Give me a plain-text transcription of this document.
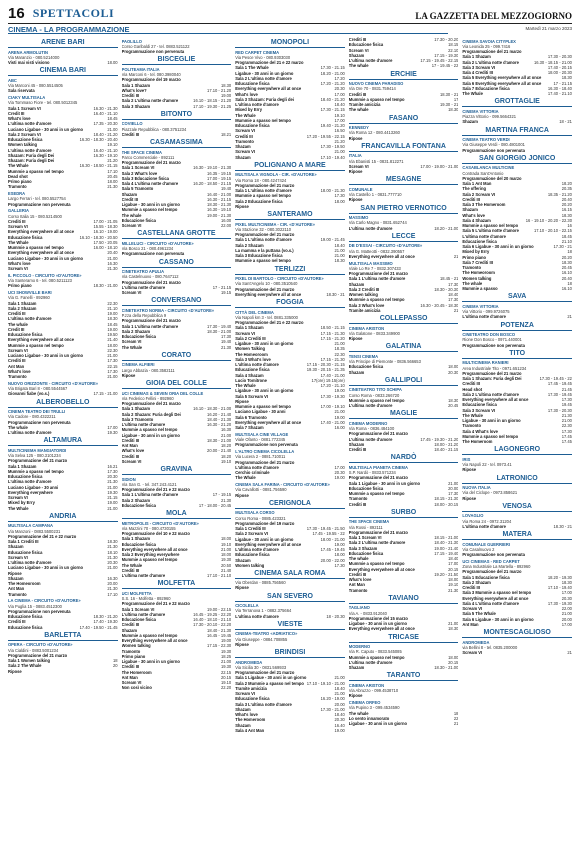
16 SPETTACOLI	LA GAZZETTA DEL MEZZOGIORNO
Martedì 21 marzo 2023
CINEMA - LA PROGRAMMAZIONE
ARENE BARI
ARENA ARMOLUTIN
Via Maranzio - 080.5214000
Visti mai visti visiono	18.00
CINEMA BARI
ABC
Via Marconi 45 - 080.5514505
Sala riservata
CIAKY MULTISALA
Via Tommaso Fiore - tel. 080.5012345
Sala 1 Scream VI	16.30 - 21.30
Credit III	16.40 - 21.10
What's love	18.45
L'ultima notte d'amore	17.35 - 20.30
Luciano Ligabue - 30 anni in un giorno	21.00
Sala 2 Scream VI	18.40 - 21.20
Educazione fisica	16.30 - 18.30 - 20.40
Women talking	19.10
L'ultima notte d'amore	16.40 - 21.10
Shazam: Furia degli Dei	16.30 - 19.10
Shazam: Furia degli Dei	21.20
The Whale	16.30 - 18.50 - 21.15
Mummie a spasso nel tempo	17.10
Dead shot	20.45
Primo piano	18.00
Tramonto	21.30
ESEDRA
Largo Ferrari - tel. 080.5527754
Programmazione non pervenuta
GALLERIA
Corso Italia 15 - 080.5214500
Crediti III	17.00 - 21.05
Scream VI	15.55 - 18.30
Everything everywhere all at once	16.10 - 19.00
Educazione fisica	16.10 - 18.30 - 20.50
The Whale	17.50 - 20.05
Mummie a spasso nel tempo	16.00 - 18.10
Everything everywhere all at once	20.40
Luciano Ligabue - 30 anni in un giorno	21.00
What's love	16.30
Scream VI	21.30
IL PICCOLO - CIRCUITO «D'AUTORE»
Via Santeramo 6 - tel. 080.5211123
Primo piano	18.30 - 21.00
UCI SHOWVILLE BARI
Via G. Fanelli - 892960
Sala 1 Shazam	22.30
Sala 2 Shazam	21.10
Crediti III	19.00
L'ultima notte d'amore	18.30
The whale	18.45
Credit III	19.00
Educazione fisica	19.50
Everything everywhere all at once	21.40
Mummie a spasso nel tempo	18.00
Scream VI	22.30
Luciano Ligabue - 30 anni in un giorno	21.00
Crediti III	17.30
Ant Man	22.15
What's love	17.30
Tramonto	21.00
NUOVO ORIZZONTE - CIRCUITO «D'AUTORE»
Via Brigata Bari 8 - 080.5544567
Giovanni fiabe (vo.s.)	17.15 - 21.00
ALBEROBELLO
CINEMA TEATRO DEI TRULLI
Via Cadore - 080.4322211
Programmazione non pervenuta
The whale	17.00
L'ultima notte d'amore	19.30
ALTAMURA
MULTICINEMA MANGIATORDI
Via Selva 125 - 080.3101234
Programmazione del 21 marzo
Sala 1 Shazam	16.21
Mummie a spasso nel tempo	17.30
Educazione fisica	20.30
L'ultima notte d'amore	21.30
Luciano Ligabue - 30 anni	21.00
Everything everywhere	19.30
Scream VI	21.15
Mixed by Erry	19.00
The Whale	21.00
ANDRIA
MULTISALA CAMPANA
Via Manzoni - 0883.5500231
Programmazione del 21 e 22 marzo
Sala 1 Crediti III	18.30
Shazam	21.30
Educazione fisica	18.10
Scream VI	21.30
L'ultima notte d'amore	20.30
Luciano Ligabue - 30 anni in un giorno	21.00
Ripose
Shazam	16.30
The Homeoroom	20.00
Ant Man	21.30
Tramonto	17.10
LA CINEMA - CIRCUITO «D'AUTORE»
Via Puglia 15 - 0883.4512300
Programmazione non pervenuta
Educazione fisica	18.30 - 21.20
Crediti III	17.40 - 19.30
Educazione fisica	17.40 - 19.50 - 21.45
BARLETTA
OPERA - CIRCUITO «D'AUTORE»
Via Cialdini - 0883.5001234
Programmazione del 21 marzo
Sala 1 Women talking	18
Sala 2 The Whale	20
Ripose
PAOLILLO
Corso Garibaldi 27 - tel. 0883.521122
Programmazione non pervenuta
BISCEGLIE
POLITEAMA ITALIA
Via Marconi 6 - tel. 080.3980040
Programmazione del 19 marzo
Sala 1 Shazam	18.30
What's love?	17.10 - 21.20
Crediti III	19.00
Sala 2 L'ultima notte d'amore	16.10 - 18.15 - 21.20
Sala 3 Shazam	17.10 - 19.30 - 21.25
BITONTO
COVIELLO
Piazzale Repubblica - 080.3751234
Crediti III	18.21
CASAMASSIMA
THE SPACE CINEMA
Parco Commerciale - 892111
Programmazione del 21 marzo
Sala 1 Scream VI	16.30 - 19.10 - 21.30
Sala 2 What's love	16.35 - 19.15
Sala 3 Educazione fisica	17.00 - 19.15
Sala 4 L'ultima notte d'amore	16.20 - 18.50 - 21.15
Sala 5 Tramonto	19.40
Shazam	16.40 - 21.00
Credit III	16.30 - 21.15
Ligabue - 30 anni in un giorno	18.30 - 21.30
Mummie a spasso nel tempo	16.30 - 19.10
The whale	19.00 - 21.30
Educazione fisica	16.00
Scream VI	22.00
CASTELLANA GROTTE
MILLELUCI - CIRCUITO «D'AUTORE»
Via Bosco 21 - 080.4961234
Programmazione non pervenuta
CASSANO
CINETEATRO APULIA
Via Castelnuovo - 080.7647112
Programmazione del 21 marzo
L'ultima notte d'amore	17 - 21.15
Scream VI	19.15
CONVERSANO
CINETEATRO NORBA - CIRCUITO «D'AUTORE»
P.zza della Repubblica 9
Programmazione del 21 marzo
Sala 1 L'ultima notte d'amore	17.30 - 19.40
Sala 2 Shazam	18.30 - 21.00
Educazione fisica	17.30
Scream VI	19.40
The Whale	21.30
CORATO
CINEMA ALFIERI
Largo Abbazia - 080.3582111
Ripose
GIOIA DEL COLLE
UCI CINEMAS & SEVEN ORIA DEL COLLE
Via Federico Fellini - 892960
Programmazione del 21 marzo
Sala 1 Shazam	16.10 - 18.30 - 21.00
Sala 2 Shazam: Furia degli Dei	16.20 - 21.40
Sala 3 Tramonto	18.40 - 21.30
L'ultima notte d'amore	16.30 - 21.20
Mummie a spasso nel tempo	16.30
Ligabue - 30 anni in un giorno	21.00
Crediti III	18.30 - 21.00
Ant Man	18.20
What's love	20.00 - 21.40
Crediti III	18.20
Scream VI	19.10
GRAVINA
SIDION
Via San G. - tel. 347.243.4121
Programmazione del 21 e 22 marzo
Sala 1 L'ultima notte d'amore	17 - 19.15
Sala 2 Shazam	21.30
Educazione fisica	17 - 18.00 - 20.45
MOLA
METROPOLIS - CIRCUITO «D'AUTORE»
Via Mazzini 70 - 080.4730155
Programmazione del 10 e 22 marzo
Sala 1 Shazam	18.00
Educazione fisica	19.10
Everything everywhere all at once	21.00
Sala 2 Everything everywhere	18.00
Mummie a spasso nel tempo	19.30
The Whale	20.50
Crediti III	21.40
L'ultima notte d'amore	17.10 - 21.10
MOLFETTA
UCI MOLFETTA
S.S. 16 - Molfetta - 892960
Programmazione del 21 e 22 marzo
Sala 1 Scream VI	19.00 - 22.15
L'ultima notte d'amore	16.45 - 19.25 - 22.20
Educazione fisica	16.40 - 18.10 - 21.10
Crediti III	17.30 - 20.10 - 22.20
Shazam	18.40 - 21.30
Mummie a spasso nel tempo	16.45 - 19.45
Everything everywhere all at once	19.00
Women talking	17.15 - 22.30
Tramonto	19.30
Primo piano	18.25
Ligabue - 30 anni in un giorno	21.00
Crediti III	19.30
The Homeroom	22.15
Ant Man	20.15
Scream VI	19.10
Non così vicino	22.20
MONOPOLI
RED CARPET CINEMA
Via Pesce Vivo - 080.9303030
Programmazione del 21 e 22 marzo
Sala 1 The Whale	17.30 - 21.15
Ligabue - 30 anni in un giorno	18.20 - 21.00
Sala 2 L'ultima notte d'amore	17.20
Educazione fisica	17.20 - 21.20
Everything everywhere all at once	20.30
What's love	17.00
Sala 3 Shazam: Furia degli dei	18.40 - 21.20
L'ultima notte d'amore	18.40
Mixed by Erry	17.30 - 21.15
The Whale	19.10
Mummie a spasso nel tempo	17.00
Educazione fisica	19.40 - 21.20
Scream VI	16.50
Crediti III	17.20 - 19.55 - 22.15
Tramonto	21.20
Shazam	17.30 - 19.50
Scream VI	21.00
Shazam	17.10 - 19.40
POLIGNANO A MARE
MULTISALA VIGNOLA - CIR. «D'AUTORE»
Via Roma 18 - 080.4247424
Programmazione del 21 marzo
Sala 1 L'ultima notte d'amore	18.00 - 21.30
Mummie a spasso nel tempo	17.30
Sala 2 Educazione fisica	18.00
Ripose
SANTERAMO
PIXEL MULTICINEMA - CIR. «D'AUTORE»
Via Stazione 32 - 080.3022110
Programmazione del 21 marzo
Sala 1 L'ultima notte d'amore	19.00 - 21.45
Sala 2 Shazam	18.40
La mamma e la puttana (vo.s.)	21.00
Sala 3 Educazione fisica	21.00
Mummie a spasso nel tempo	18.30
TERLIZZI
PIXEL DI BARTOLO - CIRCUITO «D'AUTORE»
Via Sant'Angelo 10 - 080.3510540
Programmazione del 21 marzo
Everything everywhere all at once	18.30 - 21
FOGGIA
CITTÀ DEL CINEMA
Via Napoli km 3 - tel. 0881.335000
Programmazione del 21 e 22 marzo
Sala 1 Shazam	18.50 - 21.15
Scream VI	17.15 - 21.30
Sala 2 Crediti III	17.15 - 21.20
Ligabue - 30 anni in un giorno	21.00
Women Talking	18.35
The Homeoroom	22.30
Sala 3 What's love	17.15 - 21.30
L'ultima notte d'amore	17.15 - 20.30 - 21.15
Educazione fisica	19.30 - 20.15 - 21.35
Sala 4 Shazam	17.40 - 21.00
Lucio Tomitrone	17(ore) 19.15(ore)
The Whale	17.20 - 21.10
Ligabue - 30 anni in un giorno	19.00
Sala 5 Scream VI	17.30 - 19.30
Ripose
Mummie a spasso nel tempo	17.00 - 19.10
Luciano Ligabue - 30 anni	21.00
Sala 6 Tramonto	19.00
Everything everywhere all at once	17.40 - 21.00
Sala 7 Shazam	16.00
MULTISALA CINE VILLAGE
Viale Ofanto - 0881.772345
Programmazione non pervenuta
L'ALTRO CINEMA CICOLELLA
Via Lucera 2 - 0881.710011
Programmazione del 21 marzo
L'ultima notte d'amore	17.00
Cerchio criminale	20.30
The Whale	19.00
CINEMA SALA FARINA - CIRCUITO «D'AUTORE»
Via Cavallotti - 0881.756590
Ripose
CERIGNOLA
MULTISALA CORSO
Corso Roma - 0885.423321
Programmazione del 19 marzo
Sala 1 Crediti III	17.30 - 19.45 - 21.50
Sala 2 Scream VI	17.45 - 19.55 - 22
Ligabue - 30 anni in un giorno	18.00 - 21.00
Everything everywhere all at once	19.00
L'ultima notte d'amore	17.45 - 19.45
Educazione fisica	18.00
Shazam	20.00 - 22.00
Women talking	17.30
CINEMA SALA ROMA
Via Oberdan - 0885.756560
Ripose
SAN SEVERO
CICOLELLA
Via Terranova 1 - 0882.375664
L'ultima notte d'amore	18 - 20.30
VIESTE
CINEMA-TEATRO «ADRIATICO»
Via Giuseppe - 0884.708855
Ripose
BRINDISI
ANDROMEDA
Via Sicilia 30 - 0831.569933
Programmazione del 21 marzo
Sala 1 Ligabue - 30 anni in un giorno	21.00
Sala 2 Mummie a spasso nel tempo 17.10 - 19.10 - 21.00
Tramite amicizia	18.40
Scream VI	21.00
Educazione fisica	16.20 - 19.00
Sala 3 L'ultima notte d'amore	20.00
Shazam	17.30 - 21.00
What's love	18.40
The Homeroom	20.30
Shazam	16.40
Sala 4 Ant Man	19.00
Crediti III	17.30 - 20.20
Educazione fisica	18.15
Scream VI	22.10
Shazam	17.15 - 19.30
L'ultima notte d'amore	17.15 - 19.45 - 22.15
The whale	17 - 19.45 - 22
ERCHIE
NUOVO CINEMA PARADISO
Via Ore 70 - 0831.759414
Crediti III	18.30 - 21
Mummie a spasso nel tempo	17
Tramite amicizia	19.30 - 21
The whale	18.30
FASANO
KENNEDY
Via Roma 12 - 080.4413260
Ripose
FRANCAVILLA FONTANA
ITALIA
Via Ebanisti 15 - 0831.812271
Scream VI	17.00 - 19.00 - 21.00
Ripose
MESAGNE
COMUNALE
Via Castello 1 - 0831.777710
Ripose
SAN PIETRO VERNOTICO
MASSIMO
Via Carlo Magno - 0831.652744
L'ultima notte d'amore	18.20 - 21.00
LECCE
DB D'ESSAI - CIRCUITO «D'AUTORE»
Via G. Matteotti - 0832.390557
Everything everywhere all at once	21
MULTISALA MASSIMO
Viale Lo Re 7 - 0832.307433
Programmazione del 21 marzo
Sala 1 L'ultima notte d'amore	18.45 - 21
Shazam	17.30
Sala 2 Crediti III	18.30 - 20.30
Women talking	18.40
Mummie a spasso nel tempo	17.30
Sala 3 What's love	16.30 - 20.45 - 18.30
Tramite amicizia	21
COLLEPASSO
CINEMA ARISTON
Via Galatone - 0833.349900
Ripose
GALATINA
TENSI CINEMA
Via Principe di Piemonte - 0836.566653
Educazione fisica	18.00
Shazam	20.30
GALLIPOLI
CINETEATRO TITO SCHIPA
Corso Roma - 0833.266720
Mummie a spasso nel tempo	18.30
L'ultima notte d'amore	20.45
MAGLIE
CINEMA MODERNO
Via Roma - 0836.484100
Programmazione del 21 marzo
L'ultima notte d'amore	17.45 - 19.30 - 21.20
Shazam	18.00 - 21.20
Crediti III	18.40 - 21.15
NARDÒ
MULTISALA PIANETA CINEMA
S.P. Nardò - 0833.571234
Programmazione del 21 marzo
Sala 1 Ligabue - 30 anni in un giorno	21.00
Educazione fisica	20.00
Mummie a spasso nel tempo	17.30
Tramonto	18.15 - 21.30
Crediti III	18.00 - 20.15
SURBO
THE SPACE CINEMA
Via Rossi - 892111
Programmazione del 21 marzo
Sala 1 Scream VI	18.15 - 21.00
Sala 2 L'ultima notte d'amore	18.40 - 21.30
Sala 3 Shazam	19.00 - 21.40
Educazione fisica	17.15 - 19.40
The whale	18.40
Mummie a spasso nel tempo	17.00
Everything everywhere all at once	20.15
Crediti III	19.20 - 21.50
What's love	18.00
Ant Man	19.10
Tramonto	21.30
TAVIANO
TAGLIANO
Via A. - 0833.912040
Programmazione del 15 marzo
Ligabue - 30 anni in un giorno	21.00
Everything everywhere all at once	18.30
TRICASE
MODERNO
Via R. Caputo - 0833.545085
Mummie a spasso nel tempo	18.00
L'ultima notte d'amore	20.15
Shazam	18.30 - 21.00
TARANTO
CINEMA ARISTON
Via Abruzzo - 099.4538710
Ripose
CINEMA ORFEO
Via Pupino 3 - 099.4534590
The whale	18
Lo sento innamorato	22
Ligabue - 30 anni in un giorno	21
CINEMA SAVOIA CITYPLEX
Via Leonida 25 - 099.7416
Programmazione del 21 marzo
Sala 1 Shazam	17.30 - 20.30
Sala 2 L'ultima notte d'amore	16.30 - 18.15 - 21.00
Sala 3 Scream VI	17.40 - 20.15
Sala 4 Crediti III	18.00 - 20.30
Sala 5 Everything everywhere all at once	18.30
Sala 6 Everything everywhere all at once	17 - 21.15
Sala 7 Educazione fisica	16.30 - 18.40
The Whale	17.40 - 21.10
GROTTAGLIE
CINEMA VITTORIA
Piazza Vittorio - 099.5664321
Shazam	18 - 21
MARTINA FRANCA
CINEMA TEATRO VERDI
Via Giuseppe Verdi - 080.4801001
Programmazione non pervenuta
SAN GIORGIO JONICO
CASABLANCA MULTICINE
Contrada Sant'Antonio
Programmazione del 20 marzo
Sala 1 Ant Man	18.20
The offering	20.35
Sala 2 Scream VI	18.35 - 21.20
Crediti III	20.40
Sala 3 The Homeroom	20.20
Shazam	16.15
What's love	18.30
Sala 4 Shazam	16 - 19.10 - 20.20 - 22.30
Mummie a spasso nel tempo	16
Sala 5 L'ultima notte d'amore	17.10 - 20.10 - 22.15
L'ultima notte d'amore	18.45
Educazione fisica	21.10
Sala 6 Ligabue - 30 anni in un giorno	17.30 - 21
Mixed by Erry	18
Primo piano	20.20
Sala 7 Crediti III	18.30
Tramonto	20.45
The Homeoroom	16.10
Women talking	20.40
The whale	18
Mummie a spasso	16.10
SAVA
CINEMA VITTORIA
Via Vittorio - 099.9726075
L'ultima notte d'amore	21
POTENZA
CINETEATRO DON BOSCO
Rione Don Bosco - 0971.440001
Programmazione non pervenuta
TITO
MULTICINEMA RANIERI
Area Industriale Tito - 0971.651234
Programmazione del 21 marzo
Sala 1 Shazam: Furia degli Dei	17.30 - 19.45 - 22
Crediti III	17.45 - 19.45
Head shot	21.45
Sala 2 L'ultima notte d'amore	17.30 - 19.45
Everything everywhere all at once	17.30
Educazione fisica	19.45
Sala 3 Scream VI	17.30 - 20.30
The Whale	21.30
Ligabue - 30 anni in un giorno	21.00
Tramonto	22.30
Sala 4 What's love	17.30
Mummie a spasso nel tempo	17.45
The Homeroom	17.45
LAGONEGRO
IRIS
Via Napoli 22 - tel. 0973.41
Ripose
LATRONICO
NUOVA ITALIA
Via del Ciclope - 0973.858621
Ripose
VENOSA
LOVAGLIO
Via Roma 24 - 0972.31204
L'ultima notte d'amore	18.30 - 21
MATERA
COMUNALE GUERRIERI
Via Casalnuovo 2
Programmazione non pervenuta
UCI CINEMAS - RED CARPET
Zona Industriale La Martella - 892960
Programmazione del 21 marzo
Sala 1 Educazione fisica	18.20 - 19.30
Sala 2 Shazam	18.30
Crediti III	17.10 - 19.40
Sala 3 Mummie a spasso nel tempo	17.00
Everything everywhere all at once	20.30
Sala 4 L'ultima notte d'amore	17.30 - 19.30
Scream VI	22.00
Sala 5 The Whale	21.00
Sala 6 Ligabue - 30 anni in un giorno	20.00
Ant Man	17.00
MONTESCAGLIOSO
ANDROMEDA
via Bellini 8 - tel. 0835.200000
Scream VI	21
